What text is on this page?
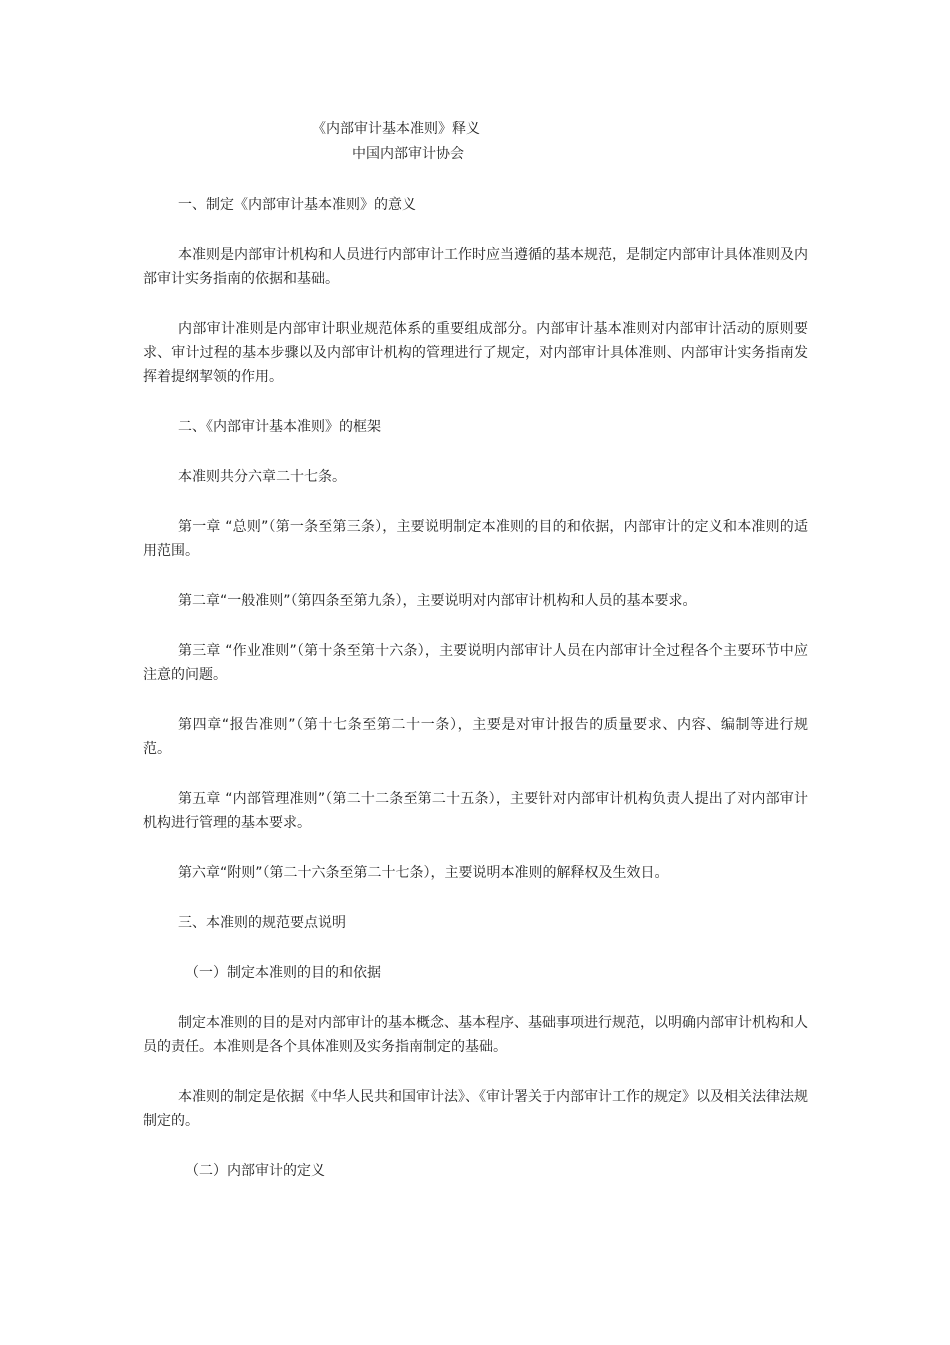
《内部审计基本准则》释义
中国内部审计协会

一、制定《内部审计基本准则》的意义

本准则是内部审计机构和人员进行内部审计工作时应当遵循的基本规范，是制定内部审计具体准则及内部审计实务指南的依据和基础。

内部审计准则是内部审计职业规范体系的重要组成部分。内部审计基本准则对内部审计活动的原则要求、审计过程的基本步骤以及内部审计机构的管理进行了规定，对内部审计具体准则、内部审计实务指南发挥着提纲挈领的作用。

二、《内部审计基本准则》的框架

本准则共分六章二十七条。

第一章 “总则”（第一条至第三条），主要说明制定本准则的目的和依据，内部审计的定义和本准则的适用范围。

第二章“一般准则”（第四条至第九条），主要说明对内部审计机构和人员的基本要求。

第三章 “作业准则”（第十条至第十六条），主要说明内部审计人员在内部审计全过程各个主要环节中应注意的问题。

第四章“报告准则”（第十七条至第二十一条），主要是对审计报告的质量要求、内容、编制等进行规范。

第五章 “内部管理准则”（第二十二条至第二十五条），主要针对内部审计机构负责人提出了对内部审计机构进行管理的基本要求。

第六章“附则”（第二十六条至第二十七条），主要说明本准则的解释权及生效日。

三、本准则的规范要点说明

（一）制定本准则的目的和依据

制定本准则的目的是对内部审计的基本概念、基本程序、基础事项进行规范，以明确内部审计机构和人员的责任。本准则是各个具体准则及实务指南制定的基础。

本准则的制定是依据《中华人民共和国审计法》、《审计署关于内部审计工作的规定》以及相关法律法规制定的。

（二）内部审计的定义
